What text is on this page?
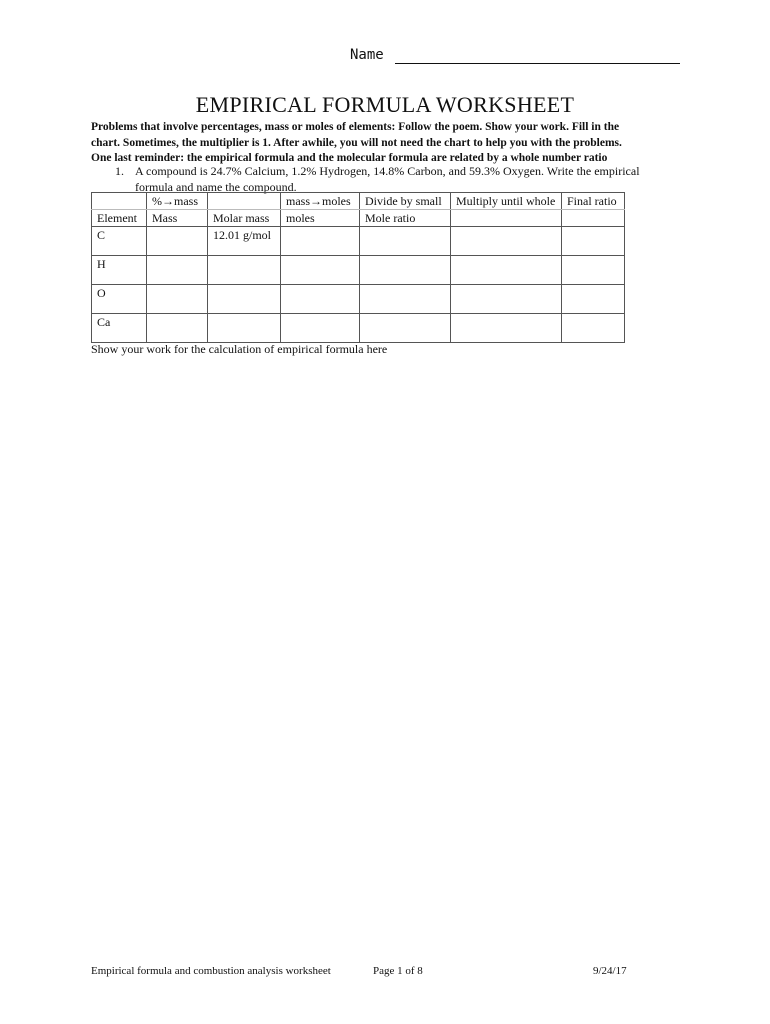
Name
EMPIRICAL FORMULA WORKSHEET

Problems that involve percentages, mass or moles of elements: Follow the poem. Show your work. Fill in the

chart. Sometimes, the multiplier is 1. After awhile, you will not need the chart to help you with the problems.

One last reminder: the empirical formula and the molecular formula are related by a whole number ratio

1. A compound is 24.7% Calcium, 1.2% Hydrogen, 14.8% Carbon, and 59.3% Oxygen. Write the empirical
formula and name the compound.
	%→mass		mass→moles	Divide by small	Multiply until whole	Final ratio
Element	Mass	Molar mass	moles	Mole ratio		
C		12.01 g/mol				
H						
O						
Ca						
Show your work for the calculation of empirical formula here
Empirical formula and combustion analysis worksheet	Page 1 of 8	9/24/17
